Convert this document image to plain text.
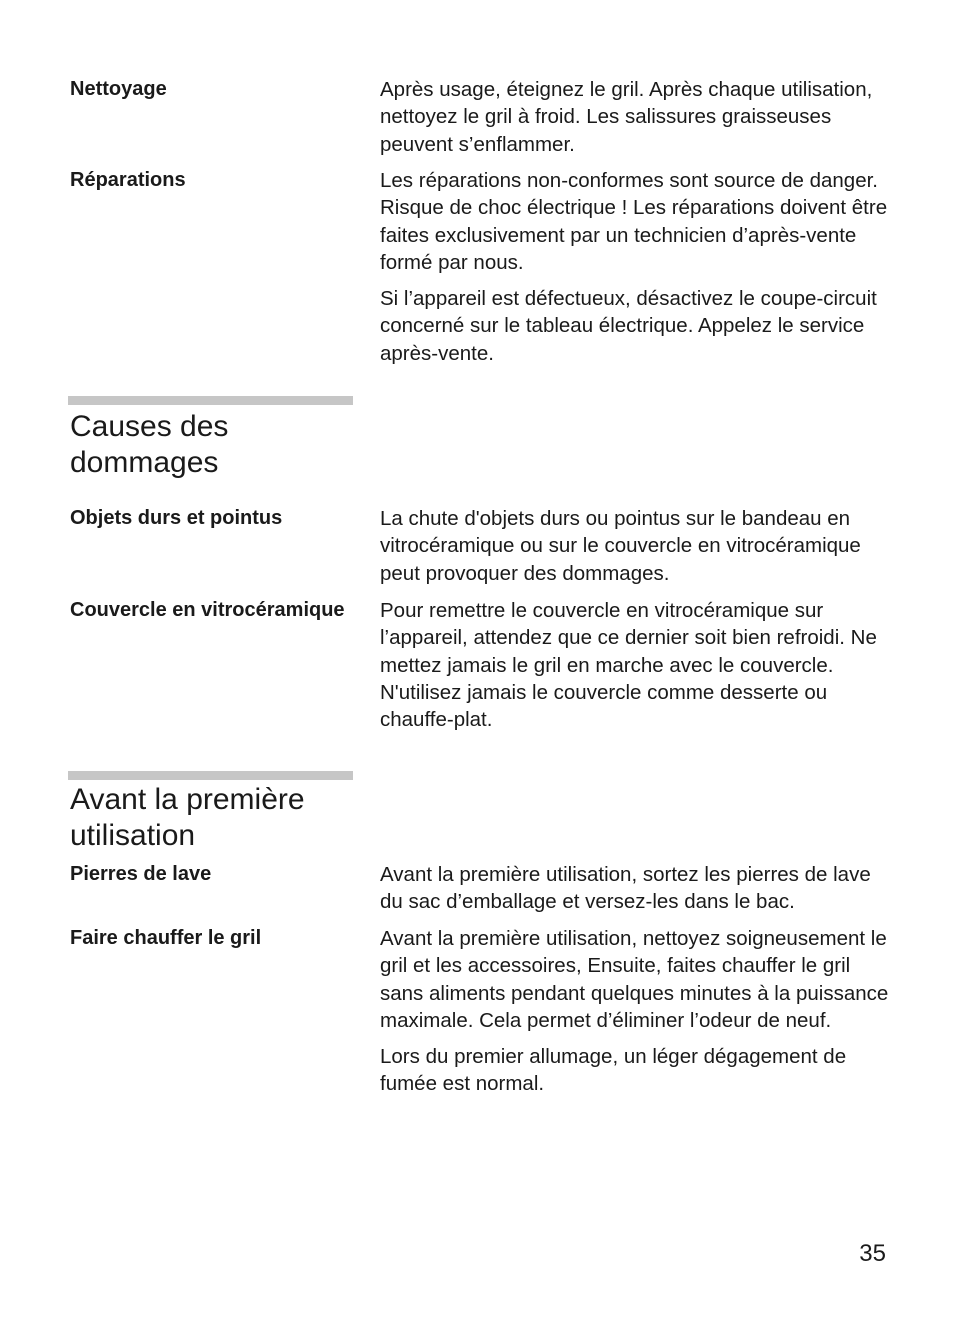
Nettoyage	Après usage, éteignez le gril. Après chaque utilisation, nettoyez le gril à froid. Les salissures graisseuses peuvent s’enflammer.

Réparations	Les réparations non-conformes sont source de danger. Risque de choc électrique ! Les réparations doivent être faites exclusivement par un technicien d’après-vente formé par nous.

Si l’appareil est défectueux, désactivez le coupe-circuit concerné sur le tableau électrique. Appelez le service après-vente.

Causes des
dommages
Objets durs et pointus	La chute d'objets durs ou pointus sur le bandeau en vitrocéramique ou sur le couvercle en vitrocéramique peut provoquer des dommages.

Couvercle en vitrocéramique	Pour remettre le couvercle en vitrocéramique sur l’appareil, attendez que ce dernier soit bien refroidi. Ne mettez jamais le gril en marche avec le couvercle. N'utilisez jamais le couvercle comme desserte ou chauffe-plat.

Avant la première
utilisation
Pierres de lave	Avant la première utilisation, sortez les pierres de lave du sac d’emballage et versez-les dans le bac.

Faire chauffer le gril	Avant la première utilisation, nettoyez soigneusement le gril et les accessoires, Ensuite, faites chauffer le gril sans aliments pendant quelques minutes à la puissance maximale. Cela permet d’éliminer l’odeur de neuf.

Lors du premier allumage, un léger dégagement de fumée est normal.

35
